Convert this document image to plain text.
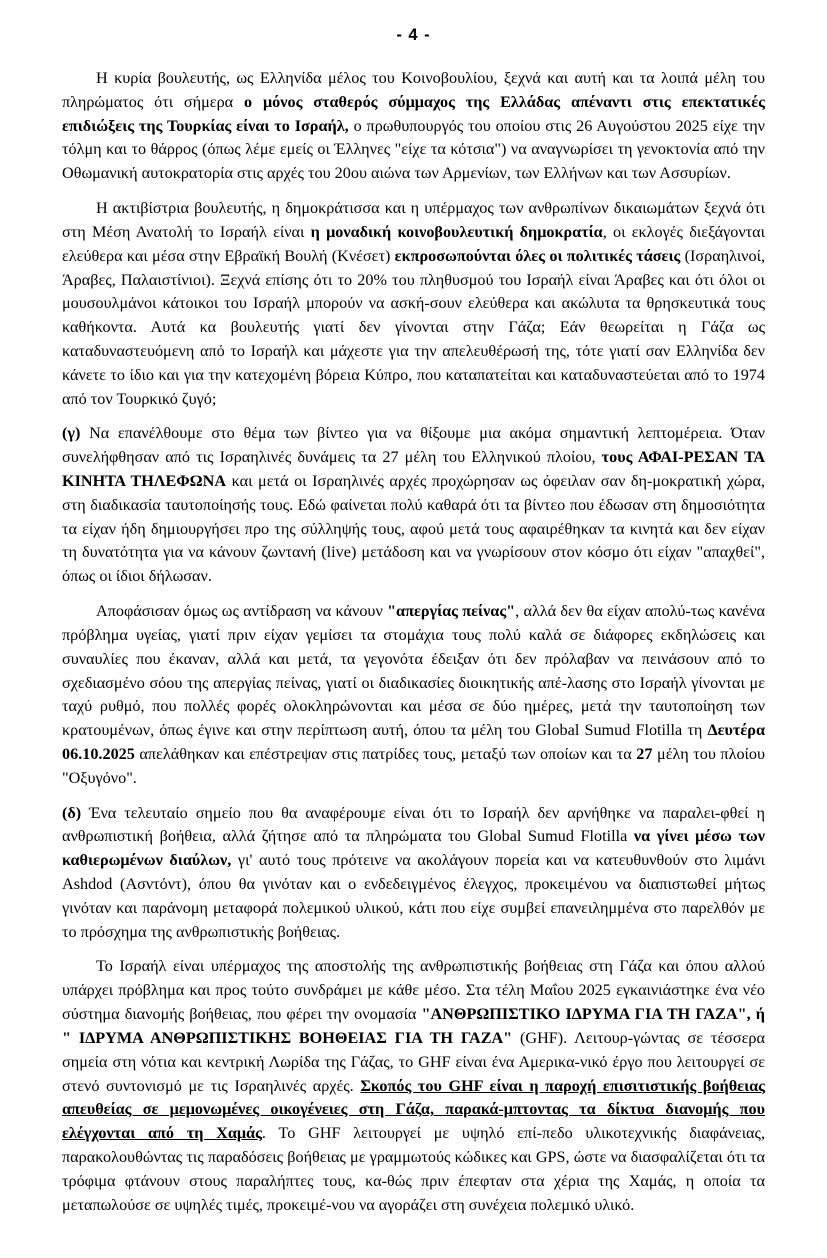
- 4 -

Η κυρία βουλευτής, ως Ελληνίδα μέλος του Κοινοβουλίου, ξεχνά και αυτή και τα λοιπά μέλη του πληρώματος ότι σήμερα ο μόνος σταθερός σύμμαχος της Ελλάδας απέναντι στις επεκτατικές επιδιώξεις της Τουρκίας είναι το Ισραήλ, ο πρωθυπουργός του οποίου στις 26 Αυγούστου 2025 είχε την τόλμη και το θάρρος (όπως λέμε εμείς οι Έλληνες "είχε τα κότσια") να αναγνωρίσει τη γενοκτονία από την Οθωμανική αυτοκρατορία στις αρχές του 20ου αιώνα των Αρμενίων, των Ελλήνων και των Ασσυρίων.

Η ακτιβίστρια βουλευτής, η δημοκράτισσα και η υπέρμαχος των ανθρωπίνων δικαιωμάτων ξεχνά ότι στη Μέση Ανατολή το Ισραήλ είναι η μοναδική κοινοβουλευτική δημοκρατία, οι εκλογές διεξάγονται ελεύθερα και μέσα στην Εβραϊκή Βουλή (Κνέσετ) εκπροσωπούνται όλες οι πολιτικές τάσεις (Ισραηλινοί, Άραβες, Παλαιστίνιοι). Ξεχνά επίσης ότι το 20% του πληθυσμού του Ισραήλ είναι Άραβες και ότι όλοι οι μουσουλμάνοι κάτοικοι του Ισραήλ μπορούν να ασκή-σουν ελεύθερα και ακώλυτα τα θρησκευτικά τους καθήκοντα. Αυτά κα βουλευτής γιατί δεν γίνονται στην Γάζα; Εάν θεωρείται η Γάζα ως καταδυναστευόμενη από το Ισραήλ και μάχεστε για την απελευθέρωσή της, τότε γιατί σαν Ελληνίδα δεν κάνετε το ίδιο και για την κατεχομένη βόρεια Κύπρο, που καταπατείται και καταδυναστεύεται από το 1974 από τον Τουρκικό ζυγό;

(γ) Να επανέλθουμε στο θέμα των βίντεο για να θίξουμε μια ακόμα σημαντική λεπτομέρεια. Όταν συνελήφθησαν από τις Ισραηλινές δυνάμεις τα 27 μέλη του Ελληνικού πλοίου, τους ΑΦΑΙ-ΡΕΣΑΝ ΤΑ ΚΙΝΗΤΑ ΤΗΛΕΦΩΝΑ και μετά οι Ισραηλινές αρχές προχώρησαν ως όφειλαν σαν δη-μοκρατική χώρα, στη διαδικασία ταυτοποίησής τους. Εδώ φαίνεται πολύ καθαρά ότι τα βίντεο που έδωσαν στη δημοσιότητα τα είχαν ήδη δημιουργήσει προ της σύλληψής τους, αφού μετά τους αφαιρέθηκαν τα κινητά και δεν είχαν τη δυνατότητα για να κάνουν ζωντανή (live) μετάδοση και να γνωρίσουν στον κόσμο ότι είχαν "απαχθεί", όπως οι ίδιοι δήλωσαν.

Αποφάσισαν όμως ως αντίδραση να κάνουν "απεργίας πείνας", αλλά δεν θα είχαν απολύ-τως κανένα πρόβλημα υγείας, γιατί πριν είχαν γεμίσει τα στομάχια τους πολύ καλά σε διάφορες εκδηλώσεις και συναυλίες που έκαναν, αλλά και μετά, τα γεγονότα έδειξαν ότι δεν πρόλαβαν να πεινάσουν από το σχεδιασμένο σόου της απεργίας πείνας, γιατί οι διαδικασίες διοικητικής απέ-λασης στο Ισραήλ γίνονται με ταχύ ρυθμό, που πολλές φορές ολοκληρώνονται και μέσα σε δύο ημέρες, μετά την ταυτοποίηση των κρατουμένων, όπως έγινε και στην περίπτωση αυτή, όπου τα μέλη του Global Sumud Flotilla τη Δευτέρα 06.10.2025 απελάθηκαν και επέστρεψαν στις πατρίδες τους, μεταξύ των οποίων και τα 27 μέλη του πλοίου "Οξυγόνο".

(δ) Ένα τελευταίο σημείο που θα αναφέρουμε είναι ότι το Ισραήλ δεν αρνήθηκε να παραλει-φθεί η ανθρωπιστική βοήθεια, αλλά ζήτησε από τα πληρώματα του Global Sumud Flotilla να γίνει μέσω των καθιερωμένων διαύλων, γι' αυτό τους πρότεινε να ακολάγουν πορεία και να κατευθυνθούν στο λιμάνι Ashdod (Ασντόντ), όπου θα γινόταν και ο ενδεδειγμένος έλεγχος, προκειμένου να διαπιστωθεί μήτως γινόταν και παράνομη μεταφορά πολεμικού υλικού, κάτι που είχε συμβεί επανειλημμένα στο παρελθόν με το πρόσχημα της ανθρωπιστικής βοήθειας.

Το Ισραήλ είναι υπέρμαχος της αποστολής της ανθρωπιστικής βοήθειας στη Γάζα και όπου αλλού υπάρχει πρόβλημα και προς τούτο συνδράμει με κάθε μέσο. Στα τέλη Μαΐου 2025 εγκαινιάστηκε ένα νέο σύστημα διανομής βοήθειας, που φέρει την ονομασία "ΑΝΘΡΩΠΙΣΤΙΚΟ ΙΔΡΥΜΑ ΓΙΑ ΤΗ ΓΑΖΑ", ή " ΙΔΡΥΜΑ ΑΝΘΡΩΠΙΣΤΙΚΗΣ ΒΟΗΘΕΙΑΣ ΓΙΑ ΤΗ ΓΑΖΑ" (GHF). Λειτουρ-γώντας σε τέσσερα σημεία στη νότια και κεντρική Λωρίδα της Γάζας, το GHF είναι ένα Αμερικα-νικό έργο που λειτουργεί σε στενό συντονισμό με τις Ισραηλινές αρχές. Σκοπός του GHF είναι η παροχή επισιτιστικής βοήθειας απευθείας σε μεμονωμένες οικογένειες στη Γάζα, παρακά-μπτοντας τα δίκτυα διανομής που ελέγχονται από τη Χαμάς. Το GHF λειτουργεί με υψηλό επί-πεδο υλικοτεχνικής διαφάνειας, παρακολουθώντας τις παραδόσεις βοήθειας με γραμμωτούς κώδικες και GPS, ώστε να διασφαλίζεται ότι τα τρόφιμα φτάνουν στους παραλήπτες τους, κα-θώς πριν έπεφταν στα χέρια της Χαμάς, η οποία τα μεταπωλούσε σε υψηλές τιμές, προκειμέ-νου να αγοράζει στη συνέχεια πολεμικό υλικό.
